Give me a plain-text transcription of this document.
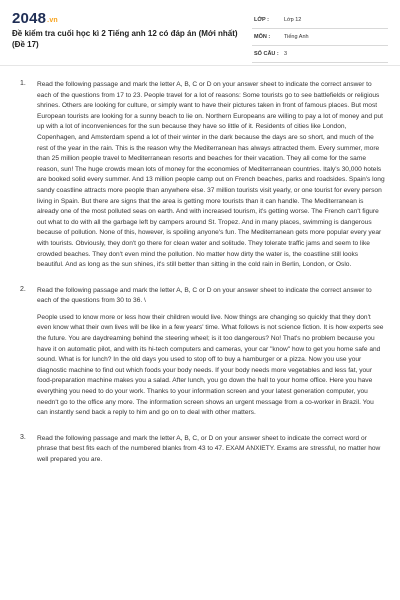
2048.vn
Đề kiểm tra cuối học kì 2 Tiếng anh 12 có đáp án (Mới nhất) (Đề 17)
LỚP :	Lớp 12
MÔN :	Tiếng Anh
SỐ CÂU : 3
1. Read the following passage and mark the letter A, B, C or D on your answer sheet to indicate the correct answer to each of the questions from 17 to 23. People travel for a lot of reasons: Some tourists go to see battlefields or religious shrines. Others are looking for culture, or simply want to have their pictures taken in front of famous places. But most European tourists are looking for a sunny beach to lie on. Northern Europeans are willing to pay a lot of money and put up with a lot of inconveniences for the sun because they have so little of it. Residents of cities like London, Copenhagen, and Amsterdam spend a lot of their winter in the dark because the days are so short, and much of the rest of the year in the rain. This is the reason why the Mediterranean has always attracted them. Every summer, more than 25 million people travel to Mediterranean resorts and beaches for their vacation. They all come for the same reason, sun! The huge crowds mean lots of money for the economies of Mediterranean countries. Italy's 30,000 hotels are booked solid every summer. And 13 million people camp out on French beaches, parks and roadsides. Spain's long sandy coastline attracts more people than anywhere else. 37 million tourists visit yearly, or one tourist for every person living in Spain. But there are signs that the area is getting more tourists than it can handle. The Mediterranean is already one of the most polluted seas on earth. And with increased tourism, it's getting worse. The French can't figure out what to do with all the garbage left by campers around St. Tropez. And in many places, swimming is dangerous because of pollution. None of this, however, is spoiling anyone's fun. The Mediterranean gets more popular every year with tourists. Obviously, they don't go there for clean water and solitude. They tolerate traffic jams and seem to like crowded beaches. They don't even mind the pollution. No matter how dirty the water is, the coastline still looks beautiful. And as long as the sun shines, it's still better than sitting in the cold rain in Berlin, London, or Oslo.

2. Read the following passage and mark the letter A, B, C or D on your answer sheet to indicate the correct answer to each of the questions from 30 to 36. \

People used to know more or less how their children would live. Now things are changing so quickly that they don't even know what their own lives will be like in a few years' time. What follows is not science fiction. It is how experts see the future. You are daydreaming behind the steering wheel; is it too dangerous? No! That's no problem because you have it on automatic pilot, and with its hi-tech computers and cameras, your car "know" how to get you home safe and sound. What is for lunch? In the old days you used to stop off to buy a hamburger or a pizza. Now you use your diagnostic machine to find out which foods your body needs. If your body needs more vegetables and less fat, your food-preparation machine makes you a salad. After lunch, you go down the hall to your home office. Here you have everything you need to do your work. Thanks to your information screen and your latest generation computer, you needn't go to the office any more. The information screen shows an urgent message from a co-worker in Brazil. You can instantly send back a reply to him and go on to deal with other matters.

3. Read the following passage and mark the letter A, B, C, or D on your answer sheet to indicate the correct word or phrase that best fits each of the numbered blanks from 43 to 47. EXAM ANXIETY. Exams are stressful, no matter how well prepared you are.
